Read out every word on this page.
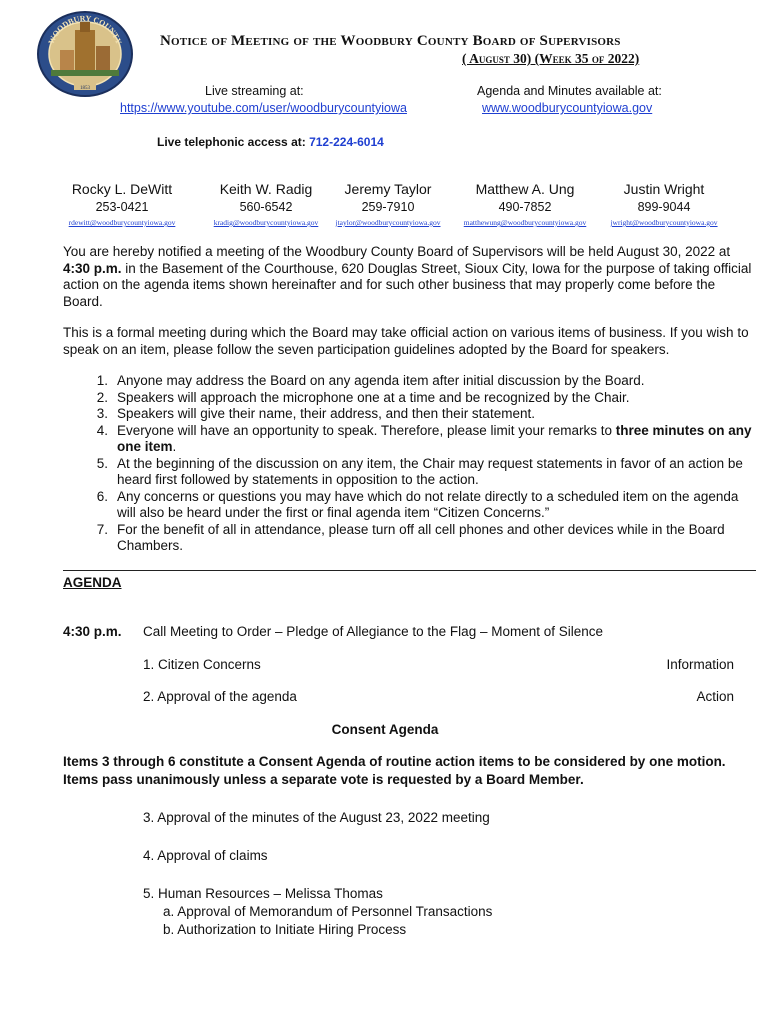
1853
WOODBURY COUNTY Notice of Meeting of the Woodbury County Board of Supervisors
( August 30) (Week 35 of 2022)
Live streaming at:
https://www.youtube.com/user/woodburycountyiowa
Agenda and Minutes available at:
www.woodburycountyiowa.gov
Live telephonic access at: 712-224-6014
Rocky L. DeWitt
253-0421
rdewitt@woodburycountyiowa.gov
Keith W. Radig
560-6542
kradig@woodburycountyiowa.gov
Jeremy Taylor
259-7910
jtaylor@woodburycountyiowa.gov
Matthew A. Ung
490-7852
matthewung@woodburycountyiowa.gov
Justin Wright
899-9044
jwright@woodburycountyiowa.gov
You are hereby notified a meeting of the Woodbury County Board of Supervisors will be held August 30, 2022 at 4:30 p.m. in the Basement of the Courthouse, 620 Douglas Street, Sioux City, Iowa for the purpose of taking official action on the agenda items shown hereinafter and for such other business that may properly come before the Board.
This is a formal meeting during which the Board may take official action on various items of business. If you wish to speak on an item, please follow the seven participation guidelines adopted by the Board for speakers.
1. Anyone may address the Board on any agenda item after initial discussion by the Board.
2. Speakers will approach the microphone one at a time and be recognized by the Chair.
3. Speakers will give their name, their address, and then their statement.
4. Everyone will have an opportunity to speak. Therefore, please limit your remarks to three minutes on any one item.
5. At the beginning of the discussion on any item, the Chair may request statements in favor of an action be heard first followed by statements in opposition to the action.
6. Any concerns or questions you may have which do not relate directly to a scheduled item on the agenda will also be heard under the first or final agenda item “Citizen Concerns.”
7. For the benefit of all in attendance, please turn off all cell phones and other devices while in the Board Chambers.
AGENDA
4:30 p.m. Call Meeting to Order – Pledge of Allegiance to the Flag – Moment of Silence
1. Citizen Concerns	Information
2. Approval of the agenda	Action
Consent Agenda
Items 3 through 6 constitute a Consent Agenda of routine action items to be considered by one motion. Items pass unanimously unless a separate vote is requested by a Board Member.
3. Approval of the minutes of the August 23, 2022 meeting
4. Approval of claims
5. Human Resources – Melissa Thomas
a. Approval of Memorandum of Personnel Transactions
b. Authorization to Initiate Hiring Process
